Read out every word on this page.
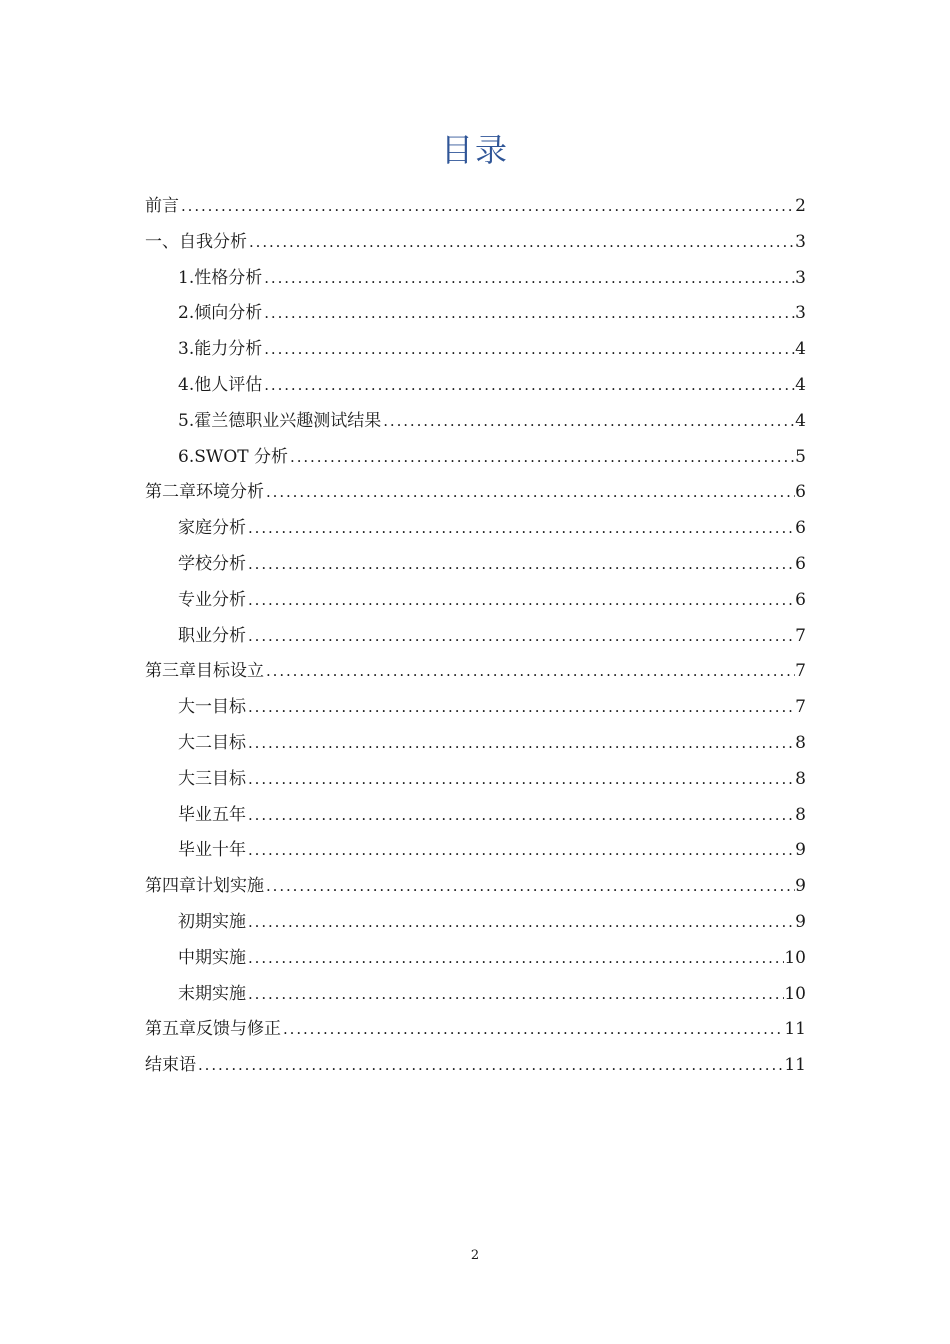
目录
前言 .....	2
一、自我分析 .....	3
1.性格分析 .....	3
2.倾向分析 .....	3
3.能力分析 .....	4
4.他人评估 .....	4
5.霍兰德职业兴趣测试结果 .....	4
6.SWOT 分析 .....	5
第二章环境分析 .....	6
家庭分析 .....	6
学校分析 .....	6
专业分析 .....	6
职业分析 .....	7
第三章目标设立 .....	7
大一目标 .....	7
大二目标 .....	8
大三目标 .....	8
毕业五年 .....	8
毕业十年 .....	9
第四章计划实施 .....	9
初期实施 .....	9
中期实施 .....	10
末期实施 .....	10
第五章反馈与修正 .....	11
结束语 .....	11
2
